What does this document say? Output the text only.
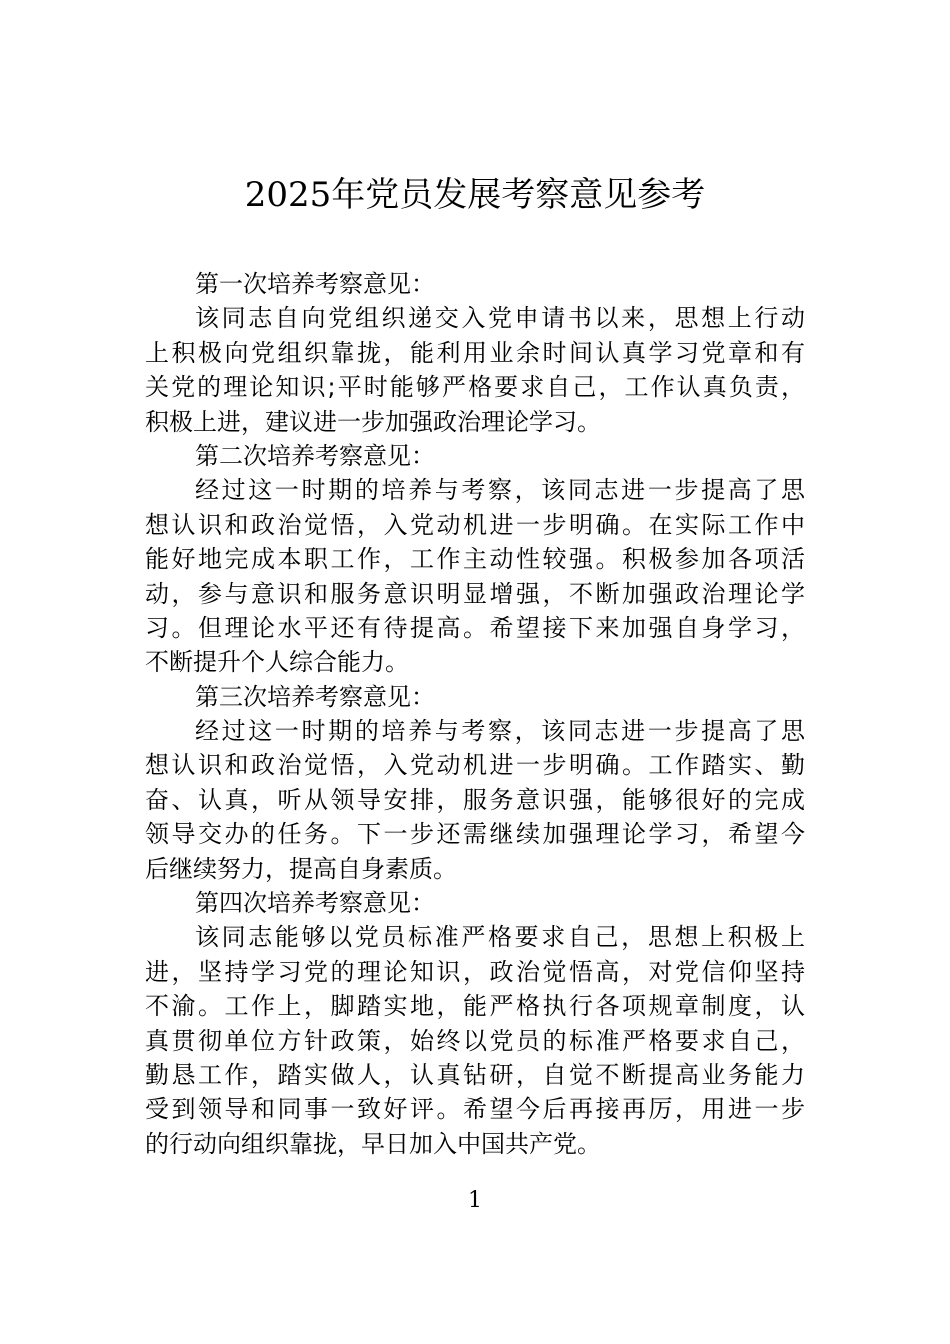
2025年党员发展考察意见参考
第一次培养考察意见：
该同志自向党组织递交入党申请书以来，思想上行动
上积极向党组织靠拢，能利用业余时间认真学习党章和有
关党的理论知识;平时能够严格要求自己，工作认真负责，
积极上进，建议进一步加强政治理论学习。
第二次培养考察意见：
经过这一时期的培养与考察，该同志进一步提高了思
想认识和政治觉悟，入党动机进一步明确。在实际工作中
能好地完成本职工作，工作主动性较强。积极参加各项活
动，参与意识和服务意识明显增强，不断加强政治理论学
习。但理论水平还有待提高。希望接下来加强自身学习，
不断提升个人综合能力。
第三次培养考察意见：
经过这一时期的培养与考察，该同志进一步提高了思
想认识和政治觉悟，入党动机进一步明确。工作踏实、勤
奋、认真，听从领导安排，服务意识强，能够很好的完成
领导交办的任务。下一步还需继续加强理论学习，希望今
后继续努力，提高自身素质。
第四次培养考察意见：
该同志能够以党员标准严格要求自己，思想上积极上
进，坚持学习党的理论知识，政治觉悟高，对党信仰坚持
不渝。工作上，脚踏实地，能严格执行各项规章制度，认
真贯彻单位方针政策，始终以党员的标准严格要求自己，
勤恳工作，踏实做人，认真钻研，自觉不断提高业务能力
受到领导和同事一致好评。希望今后再接再厉，用进一步
的行动向组织靠拢，早日加入中国共产党。
1
